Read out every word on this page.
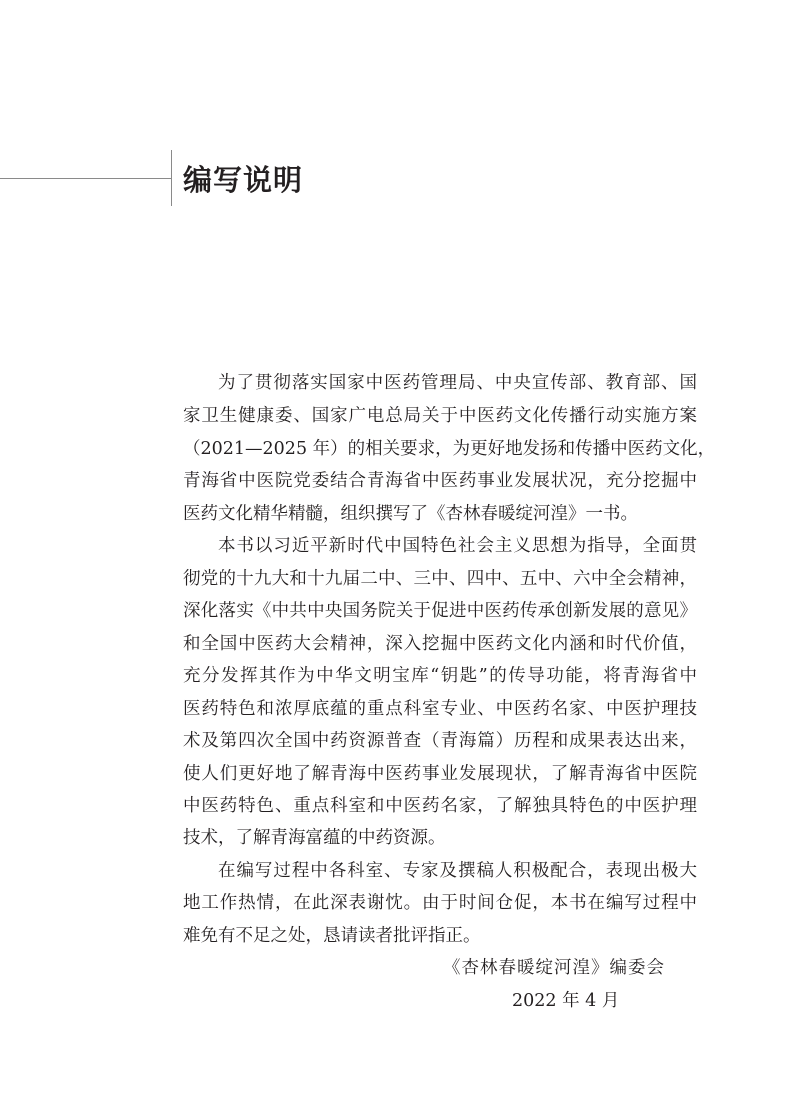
编写说明
为了贯彻落实国家中医药管理局、中央宣传部、教育部、国
家卫生健康委、国家广电总局关于中医药文化传播行动实施方案
（2021—2025 年）的相关要求，为更好地发扬和传播中医药文化，
青海省中医院党委结合青海省中医药事业发展状况，充分挖掘中
医药文化精华精髓，组织撰写了《杏林春暖绽河湟》一书。
本书以习近平新时代中国特色社会主义思想为指导，全面贯
彻党的十九大和十九届二中、三中、四中、五中、六中全会精神，
深化落实《中共中央国务院关于促进中医药传承创新发展的意见》
和全国中医药大会精神，深入挖掘中医药文化内涵和时代价值，
充分发挥其作为中华文明宝库“钥匙”的传导功能，将青海省中
医药特色和浓厚底蕴的重点科室专业、中医药名家、中医护理技
术及第四次全国中药资源普查（青海篇）历程和成果表达出来，
使人们更好地了解青海中医药事业发展现状，了解青海省中医院
中医药特色、重点科室和中医药名家，了解独具特色的中医护理
技术，了解青海富蕴的中药资源。
在编写过程中各科室、专家及撰稿人积极配合，表现出极大
地工作热情，在此深表谢忱。由于时间仓促，本书在编写过程中
难免有不足之处，恳请读者批评指正。
《杏林春暖绽河湟》编委会
2022 年 4 月
